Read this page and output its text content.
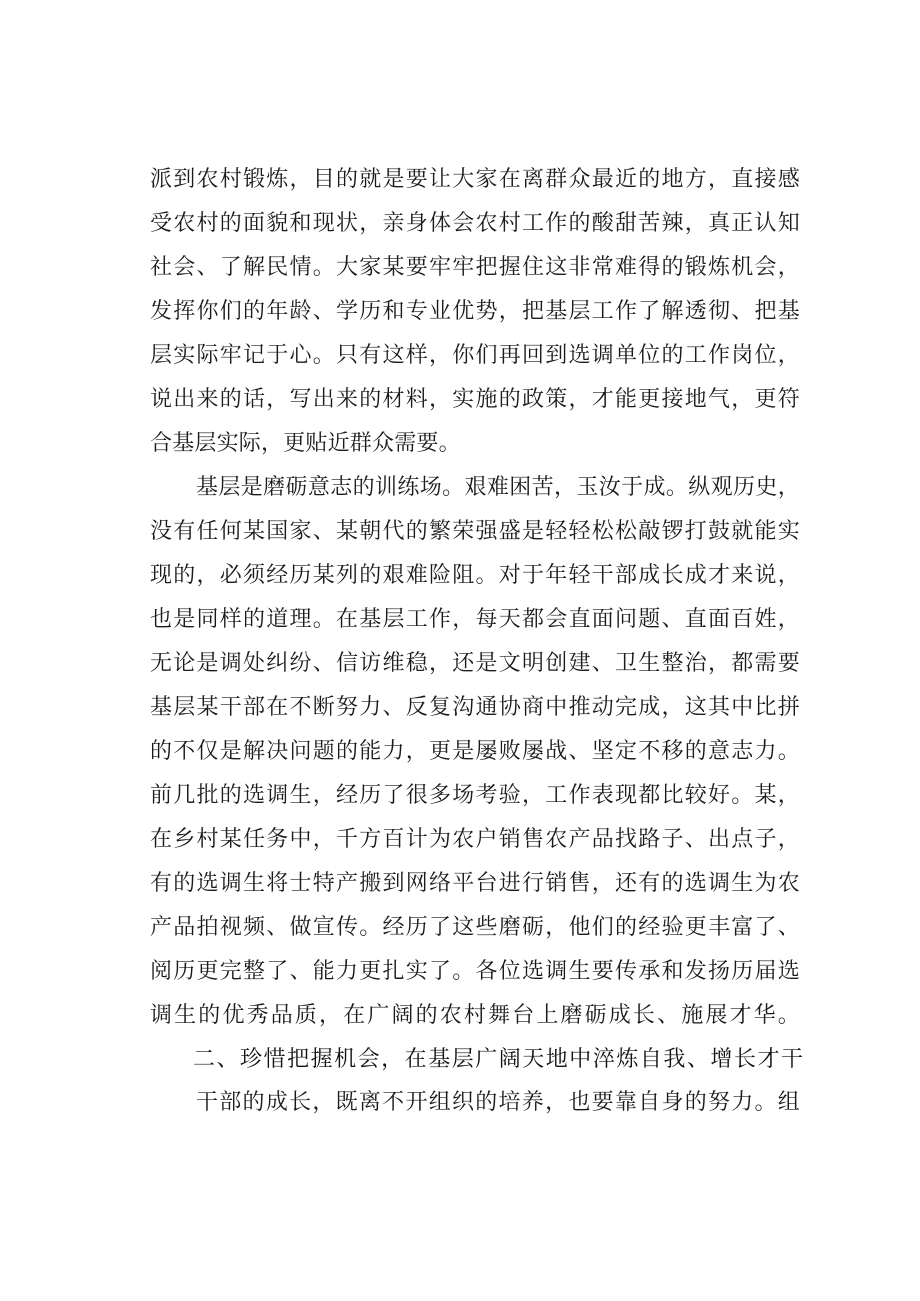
派到农村锻炼，目的就是要让大家在离群众最近的地方，直接感
受农村的面貌和现状，亲身体会农村工作的酸甜苦辣，真正认知
社会、了解民情。大家某要牢牢把握住这非常难得的锻炼机会，
发挥你们的年龄、学历和专业优势，把基层工作了解透彻、把基
层实际牢记于心。只有这样，你们再回到选调单位的工作岗位，
说出来的话，写出来的材料，实施的政策，才能更接地气，更符
合基层实际，更贴近群众需要。
基层是磨砺意志的训练场。艰难困苦，玉汝于成。纵观历史，
没有任何某国家、某朝代的繁荣强盛是轻轻松松敲锣打鼓就能实
现的，必须经历某列的艰难险阻。对于年轻干部成长成才来说，
也是同样的道理。在基层工作，每天都会直面问题、直面百姓，
无论是调处纠纷、信访维稳，还是文明创建、卫生整治，都需要
基层某干部在不断努力、反复沟通协商中推动完成，这其中比拼
的不仅是解决问题的能力，更是屡败屡战、坚定不移的意志力。
前几批的选调生，经历了很多场考验，工作表现都比较好。某，
在乡村某任务中，千方百计为农户销售农产品找路子、出点子，
有的选调生将士特产搬到网络平台进行销售，还有的选调生为农
产品拍视频、做宣传。经历了这些磨砺，他们的经验更丰富了、
阅历更完整了、能力更扎实了。各位选调生要传承和发扬历届选
调生的优秀品质，在广阔的农村舞台上磨砺成长、施展才华。
二、珍惜把握机会，在基层广阔天地中淬炼自我、增长才干
干部的成长，既离不开组织的培养，也要靠自身的努力。组
